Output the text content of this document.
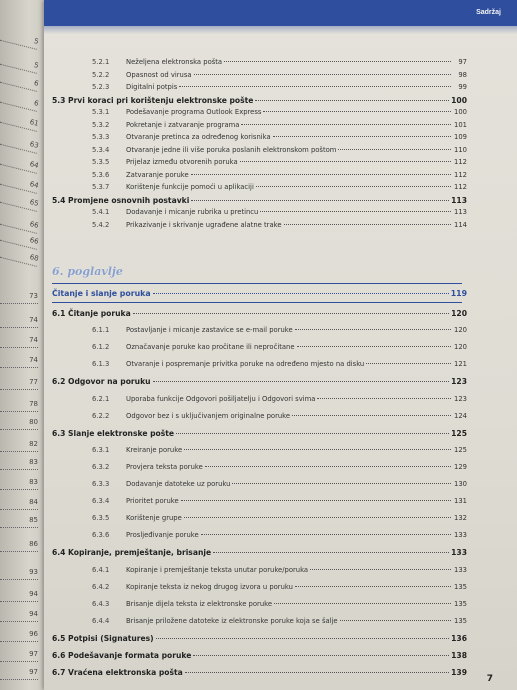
5
5
6
6
61
63
64
64
65
66
66
68
73
74
74
74
77
78
80
82
83
83
84
85
86
93
94
94
96
97
97
Sadržaj
5.2.1	Neželjena elektronska pošta	97
5.2.2	Opasnost od virusa	98
5.2.3	Digitalni potpis	99
5.3 Prvi koraci pri korištenju elektronske pošte	100
5.3.1	Podešavanje programa Outlook Express	100
5.3.2	Pokretanje i zatvaranje programa	101
5.3.3	Otvaranje pretinca za određenog korisnika	109
5.3.4	Otvaranje jedne ili više poruka poslanih elektronskom poštom	110
5.3.5	Prijelaz između otvorenih poruka	112
5.3.6	Zatvaranje poruke	112
5.3.7	Korištenje funkcije pomoći u aplikaciji	112
5.4 Promjene osnovnih postavki	113
5.4.1	Dodavanje i micanje rubrika u pretincu	113
5.4.2	Prikazivanje i skrivanje ugrađene alatne trake	114
6. poglavlje
Čitanje i slanje poruka	119
6.1 Čitanje poruka	120
6.1.1	Postavljanje i micanje zastavice se e-mail poruke	120
6.1.2	Označavanje poruke kao pročitane ili nepročitane	120
6.1.3	Otvaranje i pospremanje privitka poruke na određeno mjesto na disku	121
6.2 Odgovor na poruku	123
6.2.1	Uporaba funkcije Odgovori pošiljatelju i Odgovori svima	123
6.2.2	Odgovor bez i s uključivanjem originalne poruke	124
6.3 Slanje elektronske pošte	125
6.3.1	Kreiranje poruke	125
6.3.2	Provjera teksta poruke	129
6.3.3	Dodavanje datoteke uz poruku	130
6.3.4	Prioritet poruke	131
6.3.5	Korištenje grupe	132
6.3.6	Prosljeđivanje poruke	133
6.4 Kopiranje, premještanje, brisanje	133
6.4.1	Kopiranje i premještanje teksta unutar poruke/poruka	133
6.4.2	Kopiranje teksta iz nekog drugog izvora u poruku	135
6.4.3	Brisanje dijela teksta iz elektronske poruke	135
6.4.4	Brisanje priložene datoteke iz elektronske poruke koja se šalje	135
6.5 Potpisi (Signatures)	136
6.6 Podešavanje formata poruke	138
6.7 Vraćena elektronska pošta	139
7
